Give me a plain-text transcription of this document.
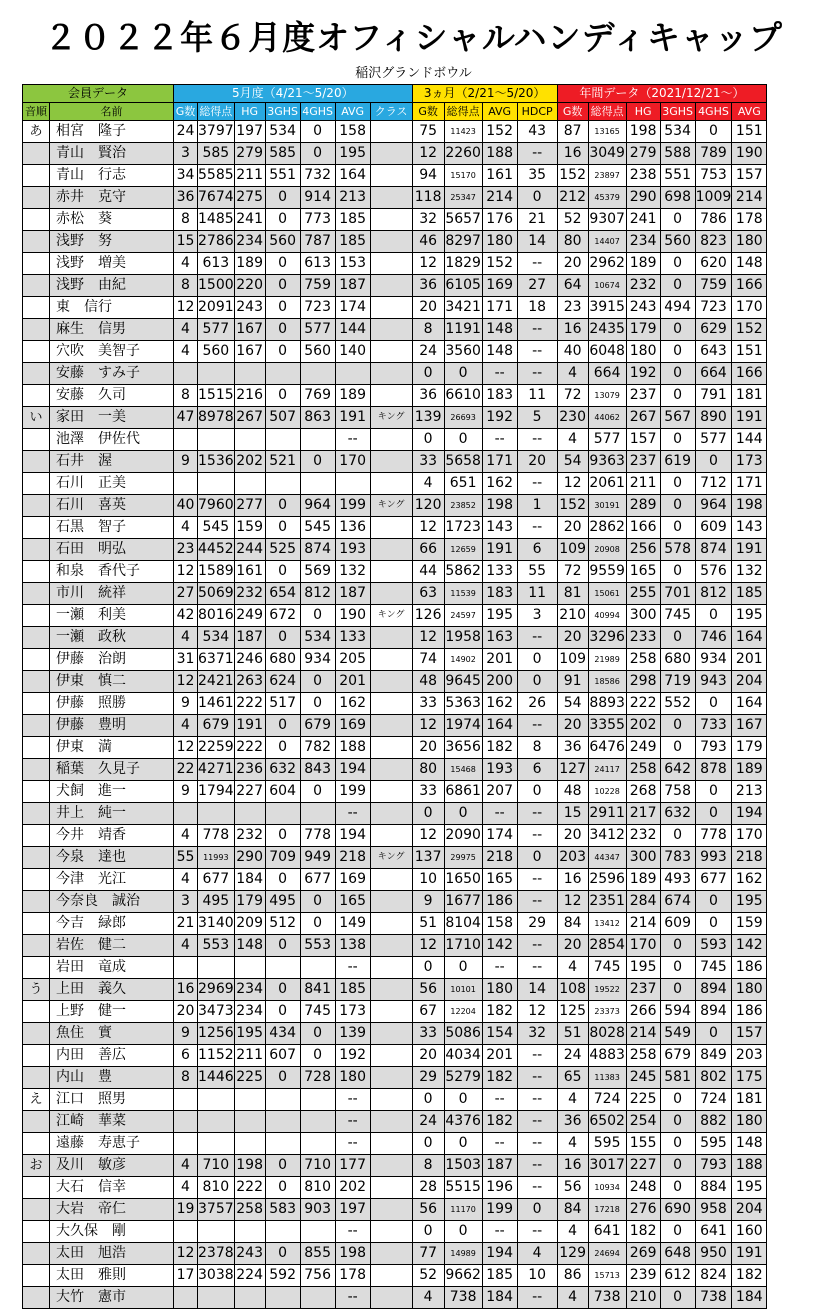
２０２２年６月度オフィシャルハンディキャップ
稲沢グランドボウル
会員データ		5月度（4/21～5/20）							3ヵ月（2/21～5/20）				年間データ（2021/12/21～）					
音順	名前	G数	総得点	HG	3GHS	4GHS	AVG	クラス	G数	総得点	AVG	HDCP	G数	総得点	HG	3GHS	4GHS	AVG
あ	相宮　隆子	24	3797	197	534	0	158		75	11423	152	43	87	13165	198	534	0	151
	青山　賢治	3	585	279	585	0	195		12	2260	188	--	16	3049	279	588	789	190
	青山　行志	34	5585	211	551	732	164		94	15170	161	35	152	23897	238	551	753	157
	赤井　克守	36	7674	275	0	914	213		118	25347	214	0	212	45379	290	698	1009	214
	赤松　葵	8	1485	241	0	773	185		32	5657	176	21	52	9307	241	0	786	178
	浅野　努	15	2786	234	560	787	185		46	8297	180	14	80	14407	234	560	823	180
	浅野　増美	4	613	189	0	613	153		12	1829	152	--	20	2962	189	0	620	148
	浅野　由紀	8	1500	220	0	759	187		36	6105	169	27	64	10674	232	0	759	166
	東　信行	12	2091	243	0	723	174		20	3421	171	18	23	3915	243	494	723	170
	麻生　信男	4	577	167	0	577	144		8	1191	148	--	16	2435	179	0	629	152
	穴吹　美智子	4	560	167	0	560	140		24	3560	148	--	40	6048	180	0	643	151
	安藤　すみ子								0	0	--	--	4	664	192	0	664	166
	安藤　久司	8	1515	216	0	769	189		36	6610	183	11	72	13079	237	0	791	181
い	家田　一美	47	8978	267	507	863	191	キング	139	26693	192	5	230	44062	267	567	890	191
	池澤　伊佐代						--		0	0	--	--	4	577	157	0	577	144
	石井　渥	9	1536	202	521	0	170		33	5658	171	20	54	9363	237	619	0	173
	石川　正美								4	651	162	--	12	2061	211	0	712	171
	石川　喜英	40	7960	277	0	964	199	キング	120	23852	198	1	152	30191	289	0	964	198
	石黒　智子	4	545	159	0	545	136		12	1723	143	--	20	2862	166	0	609	143
	石田　明弘	23	4452	244	525	874	193		66	12659	191	6	109	20908	256	578	874	191
	和泉　香代子	12	1589	161	0	569	132		44	5862	133	55	72	9559	165	0	576	132
	市川　統祥	27	5069	232	654	812	187		63	11539	183	11	81	15061	255	701	812	185
	一瀬　利美	42	8016	249	672	0	190	キング	126	24597	195	3	210	40994	300	745	0	195
	一瀬　政秋	4	534	187	0	534	133		12	1958	163	--	20	3296	233	0	746	164
	伊藤　治朗	31	6371	246	680	934	205		74	14902	201	0	109	21989	258	680	934	201
	伊東　慎二	12	2421	263	624	0	201		48	9645	200	0	91	18586	298	719	943	204
	伊藤　照勝	9	1461	222	517	0	162		33	5363	162	26	54	8893	222	552	0	164
	伊藤　豊明	4	679	191	0	679	169		12	1974	164	--	20	3355	202	0	733	167
	伊東　満	12	2259	222	0	782	188		20	3656	182	8	36	6476	249	0	793	179
	稲葉　久見子	22	4271	236	632	843	194		80	15468	193	6	127	24117	258	642	878	189
	犬飼　進一	9	1794	227	604	0	199		33	6861	207	0	48	10228	268	758	0	213
	井上　純一						--		0	0	--	--	15	2911	217	632	0	194
	今井　靖香	4	778	232	0	778	194		12	2090	174	--	20	3412	232	0	778	170
	今泉　達也	55	11993	290	709	949	218	キング	137	29975	218	0	203	44347	300	783	993	218
	今津　光江	4	677	184	0	677	169		10	1650	165	--	16	2596	189	493	677	162
	今奈良　誠治	3	495	179	495	0	165		9	1677	186	--	12	2351	284	674	0	195
	今吉　緑郎	21	3140	209	512	0	149		51	8104	158	29	84	13412	214	609	0	159
	岩佐　健二	4	553	148	0	553	138		12	1710	142	--	20	2854	170	0	593	142
	岩田　竜成						--		0	0	--	--	4	745	195	0	745	186
う	上田　義久	16	2969	234	0	841	185		56	10101	180	14	108	19522	237	0	894	180
	上野　健一	20	3473	234	0	745	173		67	12204	182	12	125	23373	266	594	894	186
	魚住　實	9	1256	195	434	0	139		33	5086	154	32	51	8028	214	549	0	157
	内田　善広	6	1152	211	607	0	192		20	4034	201	--	24	4883	258	679	849	203
	内山　豊	8	1446	225	0	728	180		29	5279	182	--	65	11383	245	581	802	175
え	江口　照男						--		0	0	--	--	4	724	225	0	724	181
	江崎　華菜						--		24	4376	182	--	36	6502	254	0	882	180
	遠藤　寿恵子						--		0	0	--	--	4	595	155	0	595	148
お	及川　敏彦	4	710	198	0	710	177		8	1503	187	--	16	3017	227	0	793	188
	大石　信幸	4	810	222	0	810	202		28	5515	196	--	56	10934	248	0	884	195
	大岩　帝仁	19	3757	258	583	903	197		56	11170	199	0	84	17218	276	690	958	204
	大久保　剛						--		0	0	--	--	4	641	182	0	641	160
	太田　旭浩	12	2378	243	0	855	198		77	14989	194	4	129	24694	269	648	950	191
	太田　雅則	17	3038	224	592	756	178		52	9662	185	10	86	15713	239	612	824	182
	大竹　憲市						--		4	738	184	--	4	738	210	0	738	184
